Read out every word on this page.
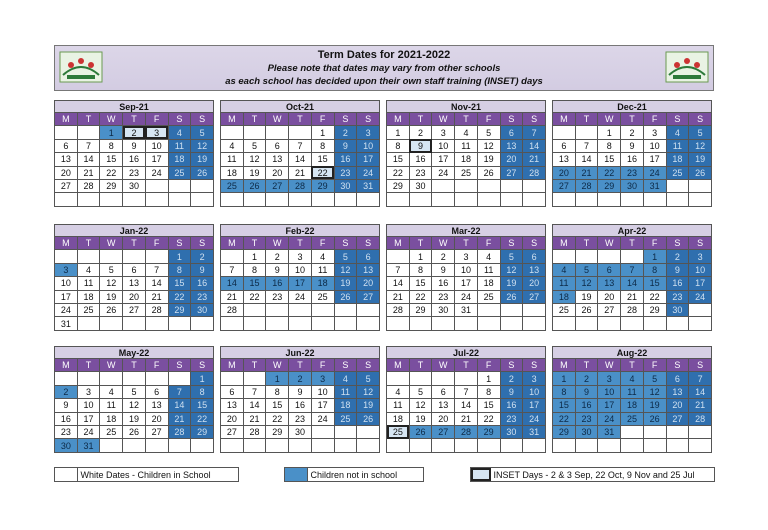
Term Dates for 2021-2022
Please note that dates may vary from other schools
as each school has decided upon their own staff training (INSET) days
Sep-21
M	T	W	T	F	S	S
		1	2	3	4	5
6	7	8	9	10	11	12
13	14	15	16	17	18	19
20	21	22	23	24	25	26
27	28	29	30			

Oct-21
M	T	W	T	F	S	S
				1	2	3
4	5	6	7	8	9	10
11	12	13	14	15	16	17
18	19	20	21	22	23	24
25	26	27	28	29	30	31

Nov-21
M	T	W	T	F	S	S
1	2	3	4	5	6	7
8	9	10	11	12	13	14
15	16	17	18	19	20	21
22	23	24	25	26	27	28
29	30					

Dec-21
M	T	W	T	F	S	S
		1	2	3	4	5
6	7	8	9	10	11	12
13	14	15	16	17	18	19
20	21	22	23	24	25	26
27	28	29	30	31		

Jan-22
M	T	W	T	F	S	S
					1	2
3	4	5	6	7	8	9
10	11	12	13	14	15	16
17	18	19	20	21	22	23
24	25	26	27	28	29	30
31						
Feb-22
M	T	W	T	F	S	S
	1	2	3	4	5	6
7	8	9	10	11	12	13
14	15	16	17	18	19	20
21	22	23	24	25	26	27
28						

Mar-22
M	T	W	T	F	S	S
	1	2	3	4	5	6
7	8	9	10	11	12	13
14	15	16	17	18	19	20
21	22	23	24	25	26	27
28	29	30	31			

Apr-22
M	T	W	T	F	S	S
				1	2	3
4	5	6	7	8	9	10
11	12	13	14	15	16	17
18	19	20	21	22	23	24
25	26	27	28	29	30	

May-22
M	T	W	T	F	S	S
						1
2	3	4	5	6	7	8
9	10	11	12	13	14	15
16	17	18	19	20	21	22
23	24	25	26	27	28	29
30	31					
Jun-22
M	T	W	T	F	S	S
		1	2	3	4	5
6	7	8	9	10	11	12
13	14	15	16	17	18	19
20	21	22	23	24	25	26
27	28	29	30			

Jul-22
M	T	W	T	F	S	S
				1	2	3
4	5	6	7	8	9	10
11	12	13	14	15	16	17
18	19	20	21	22	23	24
25	26	27	28	29	30	31

Aug-22
M	T	W	T	F	S	S
1	2	3	4	5	6	7
8	9	10	11	12	13	14
15	16	17	18	19	20	21
22	23	24	25	26	27	28
29	30	31				

White Dates - Children in School	Children not in school	INSET Days - 2 & 3 Sep, 22 Oct, 9 Nov and 25 Jul
